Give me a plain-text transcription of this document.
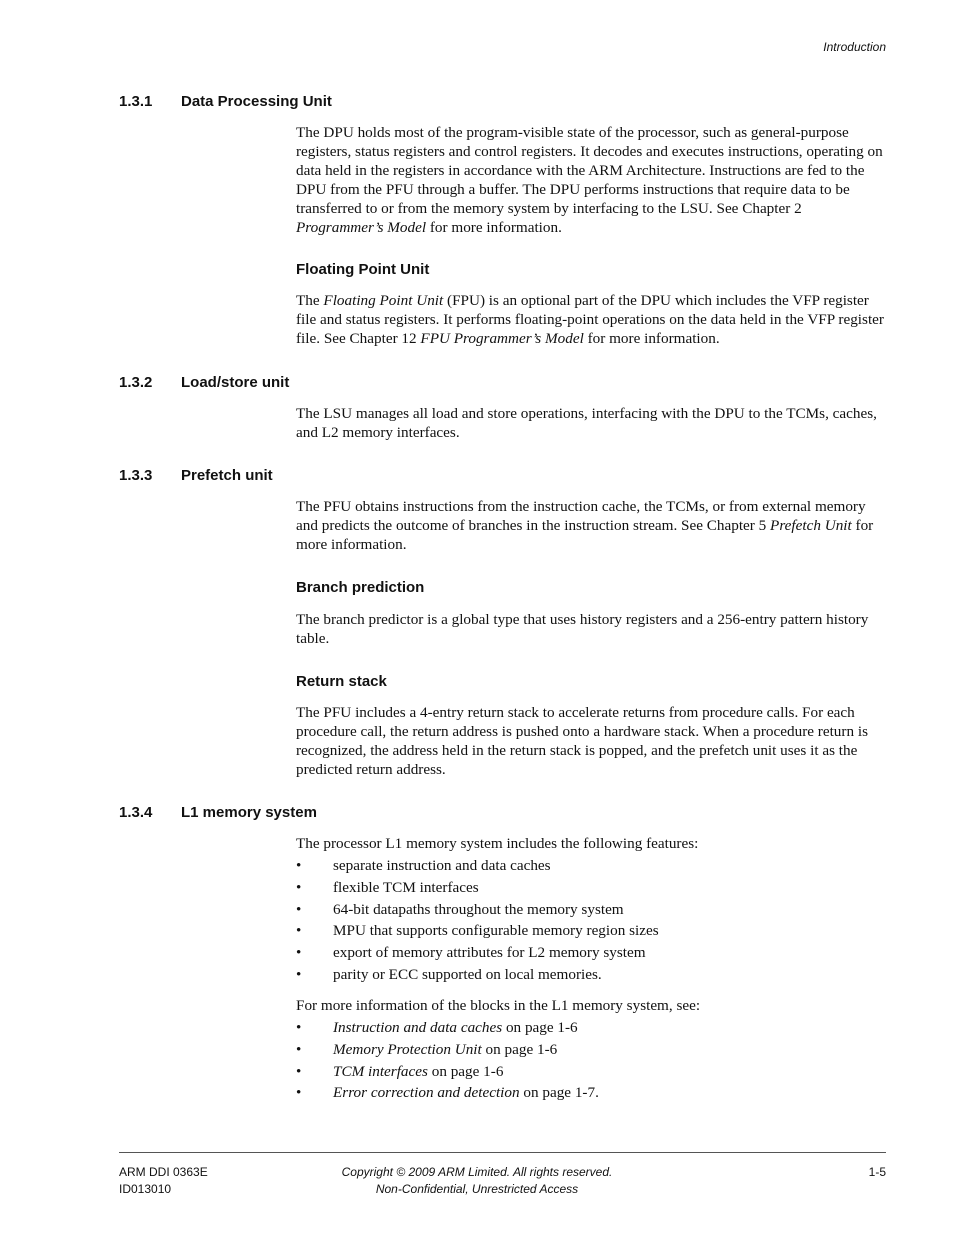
Introduction
1.3.1 Data Processing Unit
The DPU holds most of the program-visible state of the processor, such as general-purpose registers, status registers and control registers. It decodes and executes instructions, operating on data held in the registers in accordance with the ARM Architecture. Instructions are fed to the DPU from the PFU through a buffer. The DPU performs instructions that require data to be transferred to or from the memory system by interfacing to the LSU. See Chapter 2 Programmer’s Model for more information.
Floating Point Unit
The Floating Point Unit (FPU) is an optional part of the DPU which includes the VFP register file and status registers. It performs floating-point operations on the data held in the VFP register file. See Chapter 12 FPU Programmer’s Model for more information.
1.3.2 Load/store unit
The LSU manages all load and store operations, interfacing with the DPU to the TCMs, caches, and L2 memory interfaces.
1.3.3 Prefetch unit
The PFU obtains instructions from the instruction cache, the TCMs, or from external memory and predicts the outcome of branches in the instruction stream. See Chapter 5 Prefetch Unit for more information.
Branch prediction
The branch predictor is a global type that uses history registers and a 256-entry pattern history table.
Return stack
The PFU includes a 4-entry return stack to accelerate returns from procedure calls. For each procedure call, the return address is pushed onto a hardware stack. When a procedure return is recognized, the address held in the return stack is popped, and the prefetch unit uses it as the predicted return address.
1.3.4 L1 memory system
The processor L1 memory system includes the following features:
• separate instruction and data caches
• flexible TCM interfaces
• 64-bit datapaths throughout the memory system
• MPU that supports configurable memory region sizes
• export of memory attributes for L2 memory system
• parity or ECC supported on local memories.
For more information of the blocks in the L1 memory system, see:
• Instruction and data caches on page 1-6
• Memory Protection Unit on page 1-6
• TCM interfaces on page 1-6
• Error correction and detection on page 1-7.
ARM DDI 0363E
ID013010
Copyright © 2009 ARM Limited. All rights reserved.
Non-Confidential, Unrestricted Access
1-5
